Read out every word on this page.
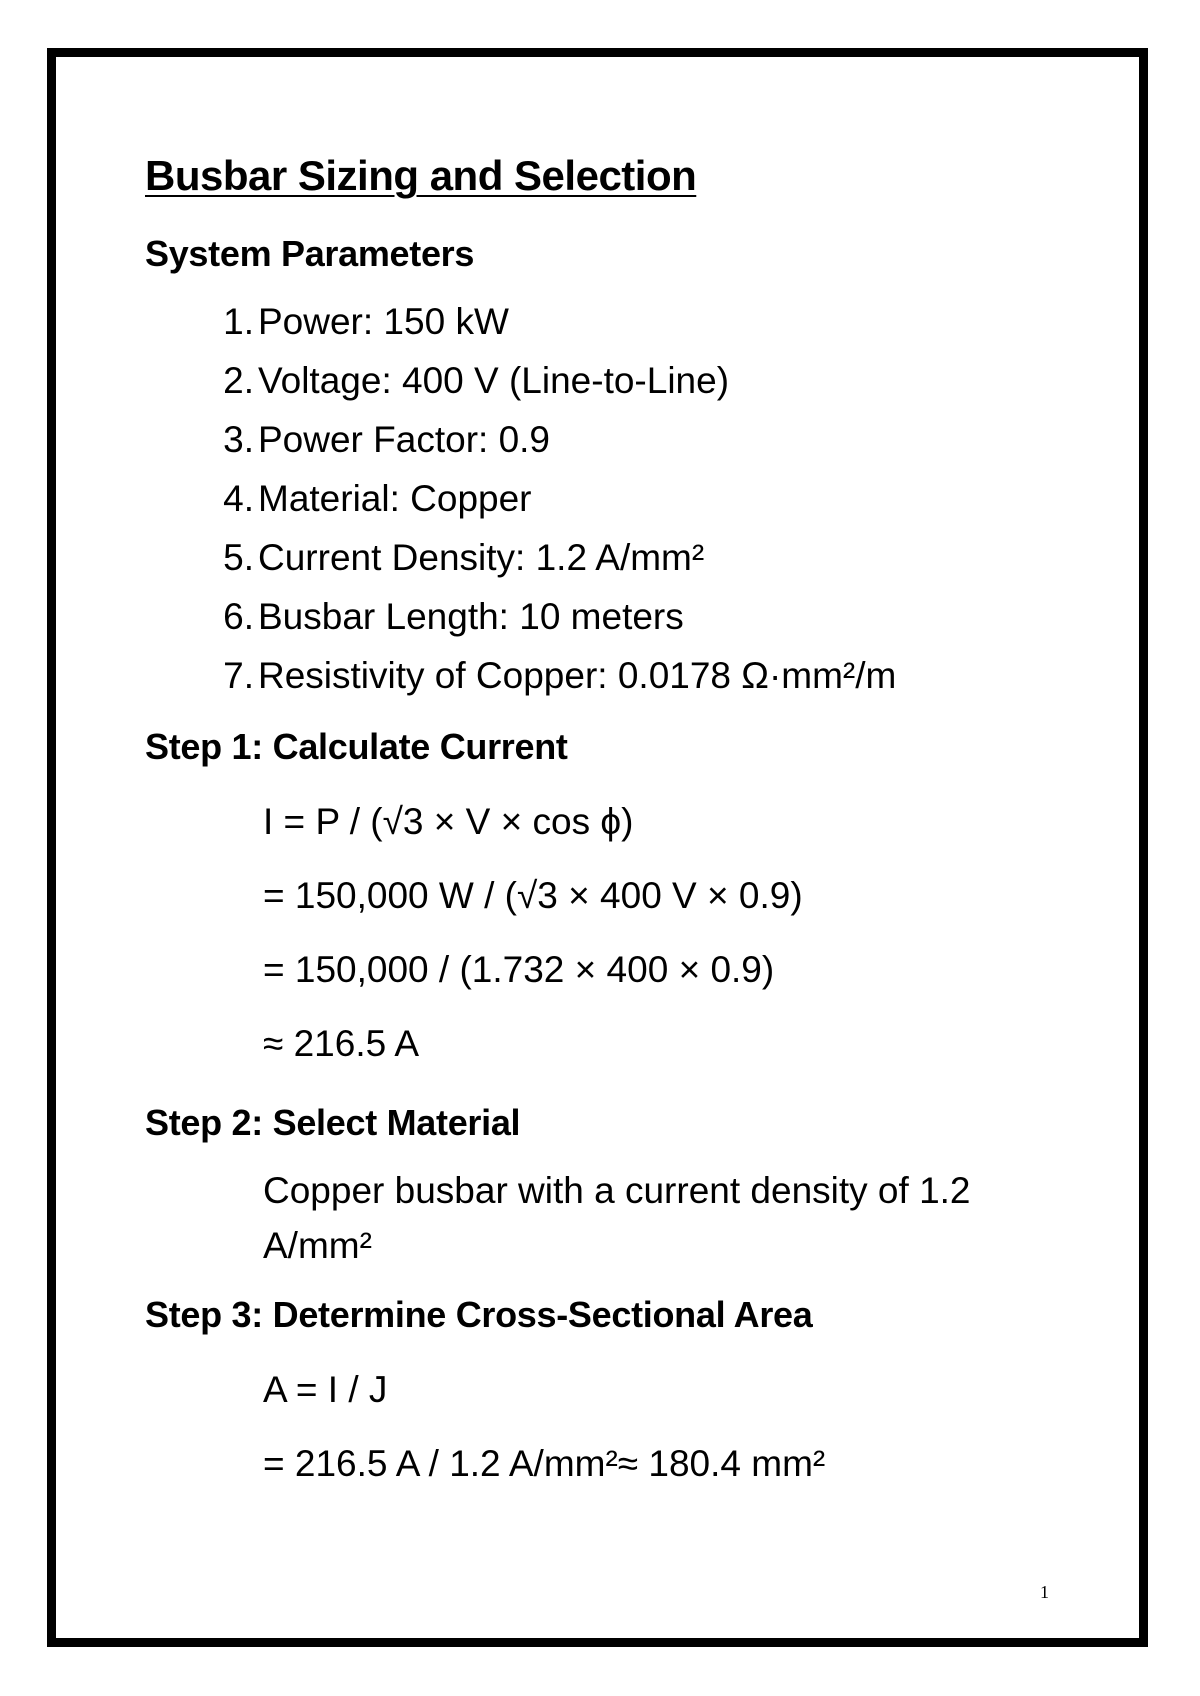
Busbar Sizing and Selection
System Parameters
1. Power: 150 kW
2. Voltage: 400 V (Line-to-Line)
3. Power Factor: 0.9
4. Material: Copper
5. Current Density: 1.2 A/mm²
6. Busbar Length: 10 meters
7. Resistivity of Copper: 0.0178 Ω·mm²/m
Step 1: Calculate Current
I = P / (√3 × V × cos ϕ)
= 150,000 W / (√3 × 400 V × 0.9)
= 150,000 / (1.732 × 400 × 0.9)
≈ 216.5 A
Step 2: Select Material

Copper busbar with a current density of 1.2 A/mm²

Step 3: Determine Cross-Sectional Area
A = I / J
= 216.5 A / 1.2 A/mm²≈ 180.4 mm²
1
